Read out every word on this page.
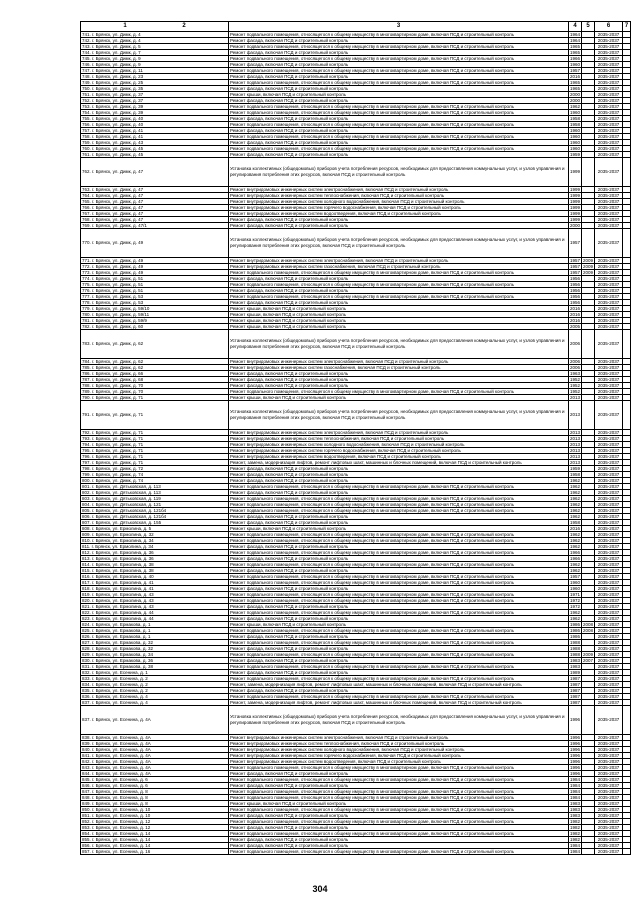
1 2	3	4	5	6	7
741. г. Брянск, ул. Димк, д. 4	Ремонт подвального помещения, относящегося к общему имуществу в многоквартирном доме, включая ПСД и строительный контроль	1964		2035-2037	
742. г. Брянск, ул. Димк, д. 4	Ремонт фасада, включая ПСД и строительный контроль	1964		2035-2037	
743. г. Брянск, ул. Димк, д. 5	Ремонт подвального помещения, относящегося к общему имуществу в многоквартирном доме, включая ПСД и строительный контроль	1965		2035-2037	
744. г. Брянск, ул. Димк, д. 7	Ремонт фасада, включая ПСД и строительный контроль	1965		2035-2037	
745. г. Брянск, ул. Димк, д. 9	Ремонт подвального помещения, относящегося к общему имуществу в многоквартирном доме, включая ПСД и строительный контроль	1966		2035-2037	
746. г. Брянск, ул. Димк, д. 9	Ремонт фасада, включая ПСД и строительный контроль	1960		2035-2037	
747. г. Брянск, ул. Димк, д. 11	Ремонт подвального помещения, относящегося к общему имуществу в многоквартирном доме, включая ПСД и строительный контроль	1957		2035-2037	
748. г. Брянск, ул. Димк, д. 23	Ремонт фасада, включая ПСД и строительный контроль	2016		2035-2037	
749. г. Брянск, ул. Димк, д. 25	Ремонт подвального помещения, относящегося к общему имуществу в многоквартирном доме, включая ПСД и строительный контроль	1965		2035-2037	
750. г. Брянск, ул. Димк, д. 35	Ремонт фасада, включая ПСД и строительный контроль	1965		2035-2037	
751. г. Брянск, ул. Димк, д. 37	Ремонт крыши, включая ПСД и строительный контроль	2000		2035-2037	
752. г. Брянск, ул. Димк, д. 37	Ремонт фасада, включая ПСД и строительный контроль	2000		2035-2037	
753. г. Брянск, ул. Димк, д. 39	Ремонт подвального помещения, относящегося к общему имуществу в многоквартирном доме, включая ПСД и строительный контроль	1962		2035-2037	
754. г. Брянск, ул. Димк, д. 39	Ремонт подвального помещения, относящегося к общему имуществу в многоквартирном доме, включая ПСД и строительный контроль	1960		2035-2037	
755. г. Брянск, ул. Димк, д. 40	Ремонт фасада, включая ПСД и строительный контроль	1958		2035-2037	
756. г. Брянск, ул. Димк, д. 40	Ремонт подвального помещения, относящегося к общему имуществу в многоквартирном доме, включая ПСД и строительный контроль	1958		2035-2037	
757. г. Брянск, ул. Димк, д. 41	Ремонт фасада, включая ПСД и строительный контроль	1960		2035-2037	
758. г. Брянск, ул. Димк, д. 41	Ремонт подвального помещения, относящегося к общему имуществу в многоквартирном доме, включая ПСД и строительный контроль	1960		2035-2037	
759. г. Брянск, ул. Димк, д. 43	Ремонт фасада, включая ПСД и строительный контроль	1960		2035-2037	
760. г. Брянск, ул. Димк, д. 45	Ремонт подвального помещения, относящегося к общему имуществу в многоквартирном доме, включая ПСД и строительный контроль	1960		2035-2037	
761. г. Брянск, ул. Димк, д. 45	Ремонт фасада, включая ПСД и строительный контроль	1959		2035-2037	
762. г. Брянск, ул. Димк, д. 47	Установка коллективных (общедомовых) приборов учета потребления ресурсов, необходимых для предоставления коммунальных услуг, и узлов управления и регулирования потребления этих ресурсов, включая ПСД и строительный контроль	1999		2035-2037	
763. г. Брянск, ул. Димк, д. 47	Ремонт внутридомовых инженерных систем электроснабжения, включая ПСД и строительный контроль	1999		2035-2037	
764. г. Брянск, ул. Димк, д. 47	Ремонт внутридомовых инженерных систем теплоснабжения, включая ПСД и строительный контроль	1999		2035-2037	
765. г. Брянск, ул. Димк, д. 47	Ремонт внутридомовых инженерных систем холодного водоснабжения, включая ПСД и строительный контроль	1999		2035-2037	
766. г. Брянск, ул. Димк, д. 47	Ремонт внутридомовых инженерных систем горячего водоснабжения, включая ПСД и строительный контроль	1999		2035-2037	
767. г. Брянск, ул. Димк, д. 47	Ремонт внутридомовых инженерных систем водоотведения, включая ПСД и строительный контроль	1999		2035-2037	
768. г. Брянск, ул. Димк, д. 47	Ремонт фасада, включая ПСД и строительный контроль	1999		2035-2037	
769. г. Брянск, ул. Димк, д. 47/1	Ремонт фасада, включая ПСД и строительный контроль	2000		2035-2037	
770. г. Брянск, ул. Димк, д. 49	Установка коллективных (общедомовых) приборов учета потребления ресурсов, необходимых для предоставления коммунальных услуг, и узлов управления и регулирования потребления этих ресурсов, включая ПСД и строительный контроль	1957		2035-2037	
771. г. Брянск, ул. Димк, д. 49	Ремонт внутридомовых инженерных систем электроснабжения, включая ПСД и строительный контроль	1957	2009	2035-2037	
772. г. Брянск, ул. Димк, д. 49	Ремонт внутридомовых инженерных систем газоснабжения, включая ПСД и строительный контроль	1957	2009	2035-2037	
773. г. Брянск, ул. Димк, д. 49	Ремонт подвального помещения, относящегося к общему имуществу в многоквартирном доме, включая ПСД и строительный контроль	1957	2009	2035-2037	
774. г. Брянск, ул. Димк, д. 51	Ремонт фасада, включая ПСД и строительный контроль	1956		2035-2037	
775. г. Брянск, ул. Димк, д. 51	Ремонт подвального помещения, относящегося к общему имуществу в многоквартирном доме, включая ПСД и строительный контроль	1956		2035-2037	
776. г. Брянск, ул. Димк, д. 51	Ремонт фасада, включая ПСД и строительный контроль	1956		2035-2037	
777. г. Брянск, ул. Димк, д. 53	Ремонт подвального помещения, относящегося к общему имуществу в многоквартирном доме, включая ПСД и строительный контроль	1956		2035-2037	
778. г. Брянск, ул. Димк, д. 53	Ремонт фасада, включая ПСД и строительный контроль	1956		2035-2037	
779. г. Брянск, ул. Димк, д. 59/10	Ремонт крыши, включая ПСД и строительный контроль	2016		2035-2037	
780. г. Брянск, ул. Димк, д. 59/11	Ремонт крыши, включая ПСД и строительный контроль	2016		2035-2037	
781. г. Брянск, ул. Димк, д. 59/9	Ремонт крыши, включая ПСД и строительный контроль	2016		2035-2037	
782. г. Брянск, ул. Димк, д. 60	Ремонт крыши, включая ПСД и строительный контроль	2005		2035-2037	
783. г. Брянск, ул. Димк, д. 62	Установка коллективных (общедомовых) приборов учета потребления ресурсов, необходимых для предоставления коммунальных услуг, и узлов управления и регулирования потребления этих ресурсов, включая ПСД и строительный контроль	2006		2035-2037	
784. г. Брянск, ул. Димк, д. 62	Ремонт внутридомовых инженерных систем электроснабжения, включая ПСД и строительный контроль	2006		2035-2037	
785. г. Брянск, ул. Димк, д. 62	Ремонт внутридомовых инженерных систем газоснабжения, включая ПСД и строительный контроль	2006		2035-2037	
786. г. Брянск, ул. Димк, д. 66	Ремонт фасада, включая ПСД и строительный контроль	1963		2035-2037	
787. г. Брянск, ул. Димк, д. 68	Ремонт фасада, включая ПСД и строительный контроль	1952		2035-2037	
788. г. Брянск, ул. Димк, д. 70	Ремонт фасада, включая ПСД и строительный контроль	1952		2035-2037	
789. г. Брянск, ул. Димк, д. 70	Ремонт подвального помещения, относящегося к общему имуществу в многоквартирном доме, включая ПСД и строительный контроль	1952		2035-2037	
790. г. Брянск, ул. Димк, д. 71	Ремонт крыши, включая ПСД и строительный контроль	2013		2035-2037	
791. г. Брянск, ул. Димк, д. 71	Установка коллективных (общедомовых) приборов учета потребления ресурсов, необходимых для предоставления коммунальных услуг, и узлов управления и регулирования потребления этих ресурсов, включая ПСД и строительный контроль	2013		2035-2037	
792. г. Брянск, ул. Димк, д. 71	Ремонт внутридомовых инженерных систем электроснабжения, включая ПСД и строительный контроль	2013		2035-2037	
793. г. Брянск, ул. Димк, д. 71	Ремонт внутридомовых инженерных систем теплоснабжения, включая ПСД и строительный контроль	2013		2035-2037	
794. г. Брянск, ул. Димк, д. 71	Ремонт внутридомовых инженерных систем холодного водоснабжения, включая ПСД и строительный контроль	2013		2035-2037	
795. г. Брянск, ул. Димк, д. 71	Ремонт внутридомовых инженерных систем горячего водоснабжения, включая ПСД и строительный контроль	2013		2035-2037	
796. г. Брянск, ул. Димк, д. 71	Ремонт внутридомовых инженерных систем водоотведения, включая ПСД и строительный контроль	2013		2035-2037	
797. г. Брянск, ул. Димк, д. 71	Ремонт, замена, модернизация лифтов, ремонт лифтовых шахт, машинных и блочных помещений, включая ПСД и строительный контроль	2013		2035-2037	
798. г. Брянск, ул. Димк, д. 72	Ремонт фасада, включая ПСД и строительный контроль	1959		2035-2037	
799. г. Брянск, ул. Димк, д. 74	Ремонт фасада, включая ПСД и строительный контроль	1958		2035-2037	
800. г. Брянск, ул. Димк, д. 74	Ремонт фасада, включая ПСД и строительный контроль	1962		2035-2037	
801. г. Брянск, ул. Дятьковская, д. 113	Ремонт подвального помещения, относящегося к общему имуществу в многоквартирном доме, включая ПСД и строительный контроль	1962		2035-2037	
802. г. Брянск, ул. Дятьковская, д. 113	Ремонт фасада, включая ПСД и строительный контроль	1962		2035-2037	
803. г. Брянск, ул. Дятьковская, д. 119	Ремонт подвального помещения, относящегося к общему имуществу в многоквартирном доме, включая ПСД и строительный контроль	1962		2035-2037	
804. г. Брянск, ул. Дятьковская, д. 121	Ремонт подвального помещения, относящегося к общему имуществу в многоквартирном доме, включая ПСД и строительный контроль	1962		2035-2037	
805. г. Брянск, ул. Дятьковская, д. 121б4	Ремонт подвального помещения, относящегося к общему имуществу в многоквартирном доме, включая ПСД и строительный контроль	1962		2035-2037	
806. г. Брянск, ул. Дятьковская, д. 121б4	Ремонт фасада, включая ПСД и строительный контроль	1962		2035-2037	
807. г. Брянск, ул. Дятьковская, д. 155	Ремонт фасада, включая ПСД и строительный контроль	1958		2035-2037	
808. г. Брянск, ул. Ермолина, д. 5	Ремонт крыши, включая ПСД и строительный контроль	2016		2035-2037	
809. г. Брянск, ул. Ермолина, д. 32	Ремонт подвального помещения, относящегося к общему имуществу в многоквартирном доме, включая ПСД и строительный контроль	1962		2035-2037	
810. г. Брянск, ул. Ермолина, д. 34	Ремонт подвального помещения, относящегося к общему имуществу в многоквартирном доме, включая ПСД и строительный контроль	1962		2035-2037	
811. г. Брянск, ул. Ермолина, д. 34	Ремонт фасада, включая ПСД и строительный контроль	1962		2035-2037	
812. г. Брянск, ул. Ермолина, д. 36	Ремонт подвального помещения, относящегося к общему имуществу в многоквартирном доме, включая ПСД и строительный контроль	1966		2035-2037	
813. г. Брянск, ул. Ермолина, д. 36	Ремонт фасада, включая ПСД и строительный контроль	1966		2035-2037	
814. г. Брянск, ул. Ермолина, д. 38	Ремонт подвального помещения, относящегося к общему имуществу в многоквартирном доме, включая ПСД и строительный контроль	1962		2035-2037	
815. г. Брянск, ул. Ермолина, д. 38	Ремонт фасада, включая ПСД и строительный контроль	1962		2035-2037	
816. г. Брянск, ул. Ермолина, д. 40	Ремонт подвального помещения, относящегося к общему имуществу в многоквартирном доме, включая ПСД и строительный контроль	1957		2035-2037	
817. г. Брянск, ул. Ермолина, д. 41	Ремонт подвального помещения, относящегося к общему имуществу в многоквартирном доме, включая ПСД и строительный контроль	1960		2035-2037	
818. г. Брянск, ул. Ермолина, д. 41	Ремонт фасада, включая ПСД и строительный контроль	1960		2035-2037	
819. г. Брянск, ул. Ермолина, д. 43	Ремонт подвального помещения, относящегося к общему имуществу в многоквартирном доме, включая ПСД и строительный контроль	1971		2035-2037	
820. г. Брянск, ул. Ермолина, д. 43	Ремонт подвального помещения, относящегося к общему имуществу в многоквартирном доме, включая ПСД и строительный контроль	1972		2035-2037	
821. г. Брянск, ул. Ермолина, д. 43	Ремонт фасада, включая ПСД и строительный контроль	1972		2035-2037	
822. г. Брянск, ул. Ермолина, д. 44	Ремонт подвального помещения, относящегося к общему имуществу в многоквартирном доме, включая ПСД и строительный контроль	1962		2035-2037	
823. г. Брянск, ул. Ермолина, д. 44	Ремонт фасада, включая ПСД и строительный контроль	1962		2035-2037	
824. г. Брянск, ул. Ермакова, д. 1	Ремонт крыши, включая ПСД и строительный контроль	1986	2008	2035-2037	
825. г. Брянск, ул. Ермакова, д. 1	Ремонт подвального помещения, относящегося к общему имуществу в многоквартирном доме, включая ПСД и строительный контроль	1986	2008	2035-2037	
826. г. Брянск, ул. Ермакова, д. 1	Ремонт фасада, включая ПСД и строительный контроль	1986		2035-2037	
827. г. Брянск, ул. Ермакова, д. 32	Ремонт подвального помещения, относящегося к общему имуществу в многоквартирном доме, включая ПСД и строительный контроль	1988		2035-2037	
828. г. Брянск, ул. Ермакова, д. 32	Ремонт фасада, включая ПСД и строительный контроль	1988		2035-2037	
829. г. Брянск, ул. Ермакова, д. 34	Ремонт подвального помещения, относящегося к общему имуществу в многоквартирном доме, включая ПСД и строительный контроль	1988	2009	2035-2037	
830. г. Брянск, ул. Ермакова, д. 36	Ремонт фасада, включая ПСД и строительный контроль	1983	2007	2035-2037	
831. г. Брянск, ул. Ермакова, д. 38	Ремонт подвального помещения, относящегося к общему имуществу в многоквартирном доме, включая ПСД и строительный контроль	1983		2035-2037	
832. г. Брянск, ул. Есенина, д. 1	Ремонт фасада, включая ПСД и строительный контроль	1989		2035-2037	
833. г. Брянск, ул. Есенина, д. 2	Ремонт подвального помещения, относящегося к общему имуществу в многоквартирном доме, включая ПСД и строительный контроль	1987		2035-2037	
834. г. Брянск, ул. Есенина, д. 2	Ремонт, замена, модернизация лифтов, ремонт лифтовых шахт, машинных и блочных помещений, включая ПСД и строительный контроль	1987		2035-2037	
835. г. Брянск, ул. Есенина, д. 2	Ремонт фасада, включая ПСД и строительный контроль	1987		2035-2037	
836. г. Брянск, ул. Есенина, д. 4	Ремонт подвального помещения, относящегося к общему имуществу в многоквартирном доме, включая ПСД и строительный контроль	1987		2035-2037	
837. г. Брянск, ул. Есенина, д. 4	Ремонт, замена, модернизация лифтов, ремонт лифтовых шахт, машинных и блочных помещений, включая ПСД и строительный контроль	1987		2035-2037	
837. г. Брянск, ул. Есенина, д. 4А	Установка коллективных (общедомовых) приборов учета потребления ресурсов, необходимых для предоставления коммунальных услуг, и узлов управления и регулирования потребления этих ресурсов, включая ПСД и строительный контроль	1996		2035-2037	
838. г. Брянск, ул. Есенина, д. 4А	Ремонт внутридомовых инженерных систем электроснабжения, включая ПСД и строительный контроль	1996		2035-2037	
839. г. Брянск, ул. Есенина, д. 4А	Ремонт внутридомовых инженерных систем теплоснабжения, включая ПСД и строительный контроль	1996		2035-2037	
840. г. Брянск, ул. Есенина, д. 4А	Ремонт внутридомовых инженерных систем холодного водоснабжения, включая ПСД и строительный контроль	1996		2035-2037	
841. г. Брянск, ул. Есенина, д. 4А	Ремонт внутридомовых инженерных систем горячего водоснабжения, включая ПСД и строительный контроль	1996		2035-2037	
842. г. Брянск, ул. Есенина, д. 4А	Ремонт внутридомовых инженерных систем водоотведения, включая ПСД и строительный контроль	1996		2035-2037	
843. г. Брянск, ул. Есенина, д. 4А	Ремонт подвального помещения, относящегося к общему имуществу в многоквартирном доме, включая ПСД и строительный контроль	1996		2035-2037	
844. г. Брянск, ул. Есенина, д. 4А	Ремонт фасада, включая ПСД и строительный контроль	1996		2035-2037	
845. г. Брянск, ул. Есенина, д. 6	Ремонт подвального помещения, относящегося к общему имуществу в многоквартирном доме, включая ПСД и строительный контроль	1984		2035-2037	
846. г. Брянск, ул. Есенина, д. 6	Ремонт фасада, включая ПСД и строительный контроль	1984		2035-2037	
847. г. Брянск, ул. Есенина, д. 8	Ремонт подвального помещения, относящегося к общему имуществу в многоквартирном доме, включая ПСД и строительный контроль	1984		2035-2037	
848. г. Брянск, ул. Есенина, д. 8	Ремонт подвального помещения, относящегося к общему имуществу в многоквартирном доме, включая ПСД и строительный контроль	1984		2035-2037	
849. г. Брянск, ул. Есенина, д. 8	Ремонт крыши, включая ПСД и строительный контроль	1983		2035-2037	
850. г. Брянск, ул. Есенина, д. 10	Ремонт подвального помещения, относящегося к общему имуществу в многоквартирном доме, включая ПСД и строительный контроль	1983		2035-2037	
851. г. Брянск, ул. Есенина, д. 10	Ремонт фасада, включая ПСД и строительный контроль	1983		2035-2037	
852. г. Брянск, ул. Есенина, д. 12	Ремонт подвального помещения, относящегося к общему имуществу в многоквартирном доме, включая ПСД и строительный контроль	1982		2035-2037	
853. г. Брянск, ул. Есенина, д. 12	Ремонт фасада, включая ПСД и строительный контроль	1982		2035-2037	
854. г. Брянск, ул. Есенина, д. 14	Ремонт подвального помещения, относящегося к общему имуществу в многоквартирном доме, включая ПСД и строительный контроль	1982		2035-2037	
855. г. Брянск, ул. Есенина, д. 14	Ремонт фасада, включая ПСД и строительный контроль	1982		2035-2037	
856. г. Брянск, ул. Есенина, д. 14	Ремонт фасада, включая ПСД и строительный контроль	1984		2035-2037	
857. г. Брянск, ул. Есенина, д. 16	Ремонт подвального помещения, относящегося к общему имуществу в многоквартирном доме, включая ПСД и строительный контроль	1984		2035-2037	
304
